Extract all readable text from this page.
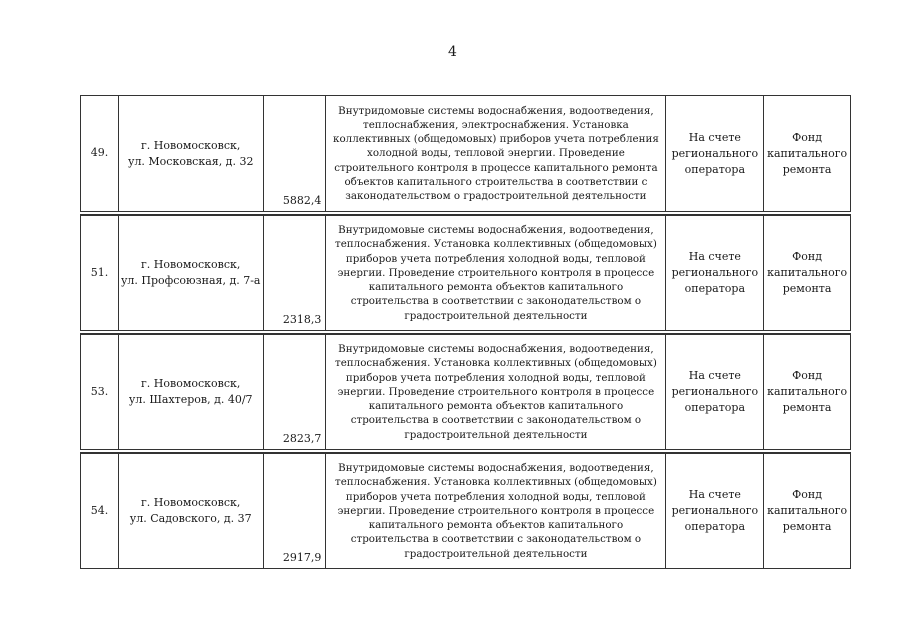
4
49.
г. Новомосковск,
ул. Московская, д. 32
5882,4
Внутридомовые системы водоснабжения, водоотведения, теплоснабжения, электроснабжения. Установка коллективных (общедомовых) приборов учета потребления холодной воды, тепловой энергии. Проведение строительного контроля в процессе капитального ремонта объектов капитального строительства в соответствии с законодательством о градостроительной деятельности
На счете
регионального
оператора
Фонд
капитального
ремонта
51.
г. Новомосковск,
ул. Профсоюзная, д. 7-а
2318,3
Внутридомовые системы водоснабжения, водоотведения, теплоснабжения. Установка коллективных (общедомовых) приборов учета потребления холодной воды, тепловой энергии. Проведение строительного контроля в процессе капитального ремонта объектов капитального строительства в соответствии с законодательством о градостроительной деятельности
На счете
регионального
оператора
Фонд
капитального
ремонта
53.
г. Новомосковск,
ул. Шахтеров, д. 40/7
2823,7
Внутридомовые системы водоснабжения, водоотведения, теплоснабжения. Установка коллективных (общедомовых) приборов учета потребления холодной воды, тепловой энергии. Проведение строительного контроля в процессе капитального ремонта объектов капитального строительства в соответствии с законодательством о градостроительной деятельности
На счете
регионального
оператора
Фонд
капитального
ремонта
54.
г. Новомосковск,
ул. Садовского, д. 37
2917,9
Внутридомовые системы водоснабжения, водоотведения, теплоснабжения. Установка коллективных (общедомовых) приборов учета потребления холодной воды, тепловой энергии. Проведение строительного контроля в процессе капитального ремонта объектов капитального строительства в соответствии с законодательством о градостроительной деятельности
На счете
регионального
оператора
Фонд
капитального
ремонта
